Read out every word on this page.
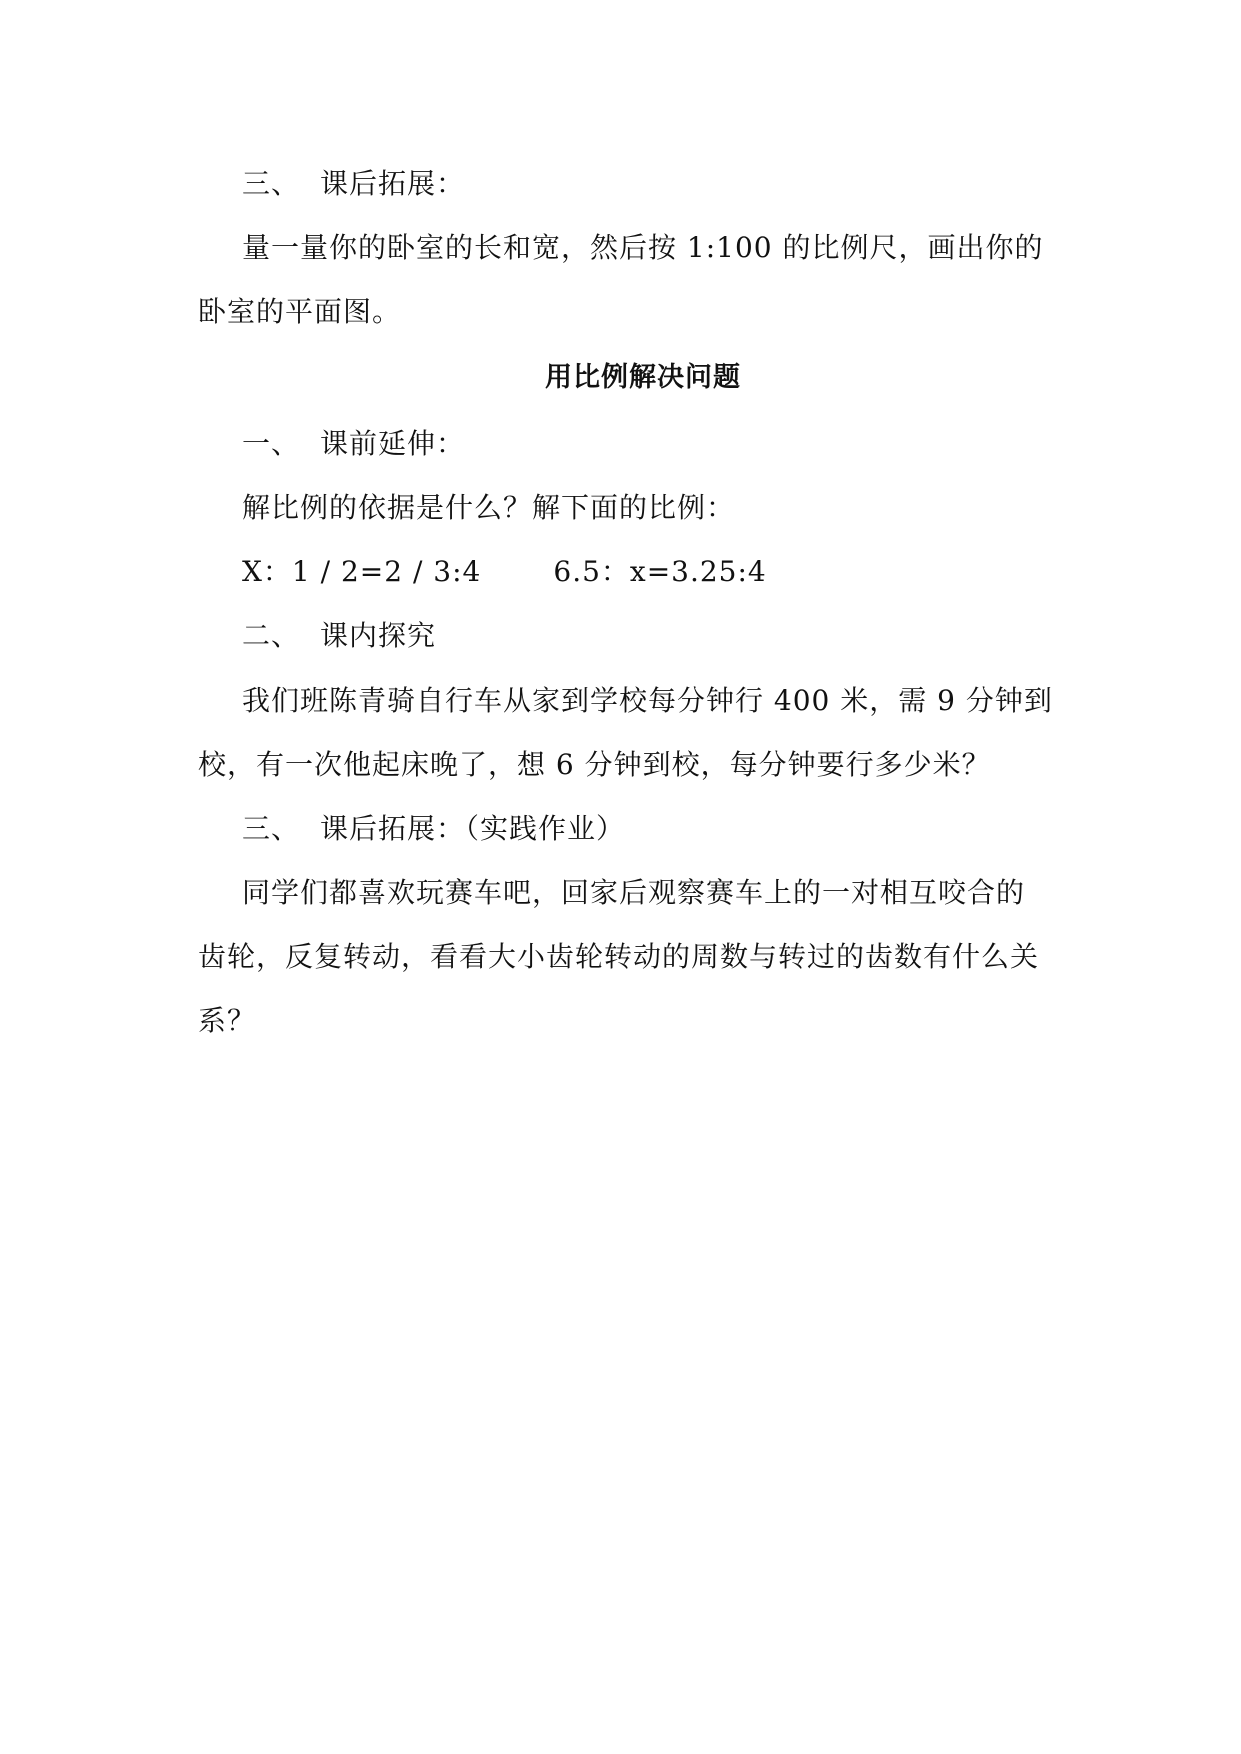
三、 课后拓展：
量一量你的卧室的长和宽，然后按 1:100 的比例尺，画出你的
卧室的平面图。
用比例解决问题
一、 课前延伸：
解比例的依据是什么？解下面的比例：
X：1 / 2=2 / 3:4	6.5：x=3.25:4
二、 课内探究
我们班陈青骑自行车从家到学校每分钟行 400 米，需 9 分钟到
校，有一次他起床晚了，想 6 分钟到校，每分钟要行多少米？
三、 课后拓展：（实践作业）
同学们都喜欢玩赛车吧，回家后观察赛车上的一对相互咬合的
齿轮，反复转动，看看大小齿轮转动的周数与转过的齿数有什么关
系？
